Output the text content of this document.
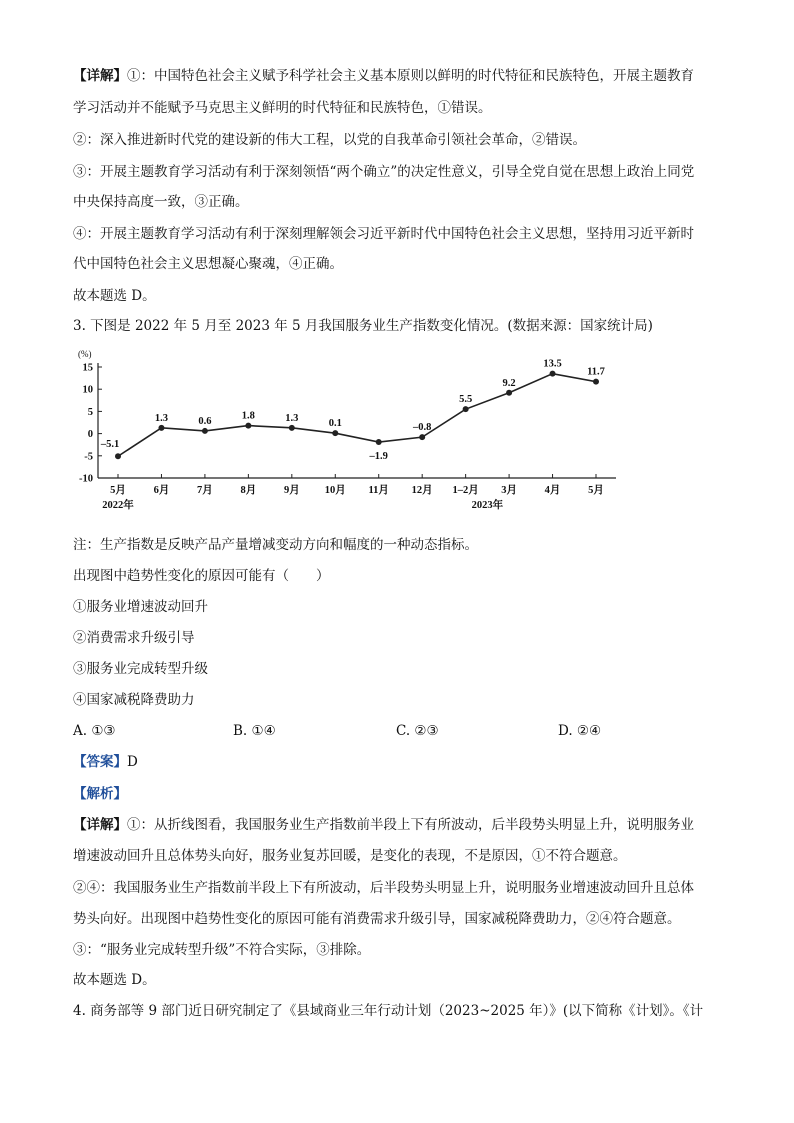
【详解】①：中国特色社会主义赋予科学社会主义基本原则以鲜明的时代特征和民族特色，开展主题教育
学习活动并不能赋予马克思主义鲜明的时代特征和民族特色，①错误。
②：深入推进新时代党的建设新的伟大工程，以党的自我革命引领社会革命，②错误。
③：开展主题教育学习活动有利于深刻领悟“两个确立”的决定性意义，引导全党自觉在思想上政治上同党
中央保持高度一致，③正确。
④：开展主题教育学习活动有利于深刻理解领会习近平新时代中国特色社会主义思想，坚持用习近平新时
代中国特色社会主义思想凝心聚魂，④正确。
故本题选 D。
3. 下图是 2022 年 5 月至 2023 年 5 月我国服务业生产指数变化情况。(数据来源：国家统计局)
-10
-5
0
5
10
15
5月	6月	7月	8月	9月 10月 11月 12月 1–2月 3月	4月	5月
–5.1
1.3	0.6	1.8	1.3	0.1
–1.9
–0.8
5.5
9.2
13.5
11.7
(%)
2022年	2023年
注：生产指数是反映产品产量增减变动方向和幅度的一种动态指标。
出现图中趋势性变化的原因可能有（　　）
①服务业增速波动回升
②消费需求升级引导
③服务业完成转型升级
④国家减税降费助力
A. ①③	B. ①④	C. ②③	D. ②④
【答案】D
【解析】
【详解】①：从折线图看，我国服务业生产指数前半段上下有所波动，后半段势头明显上升，说明服务业
增速波动回升且总体势头向好，服务业复苏回暖，是变化的表现，不是原因，①不符合题意。
②④：我国服务业生产指数前半段上下有所波动，后半段势头明显上升，说明服务业增速波动回升且总体
势头向好。出现图中趋势性变化的原因可能有消费需求升级引导，国家减税降费助力，②④符合题意。
③：“服务业完成转型升级”不符合实际，③排除。
故本题选 D。
4. 商务部等 9 部门近日研究制定了《县域商业三年行动计划（2023~2025 年）》(以下简称《计划》。《计
